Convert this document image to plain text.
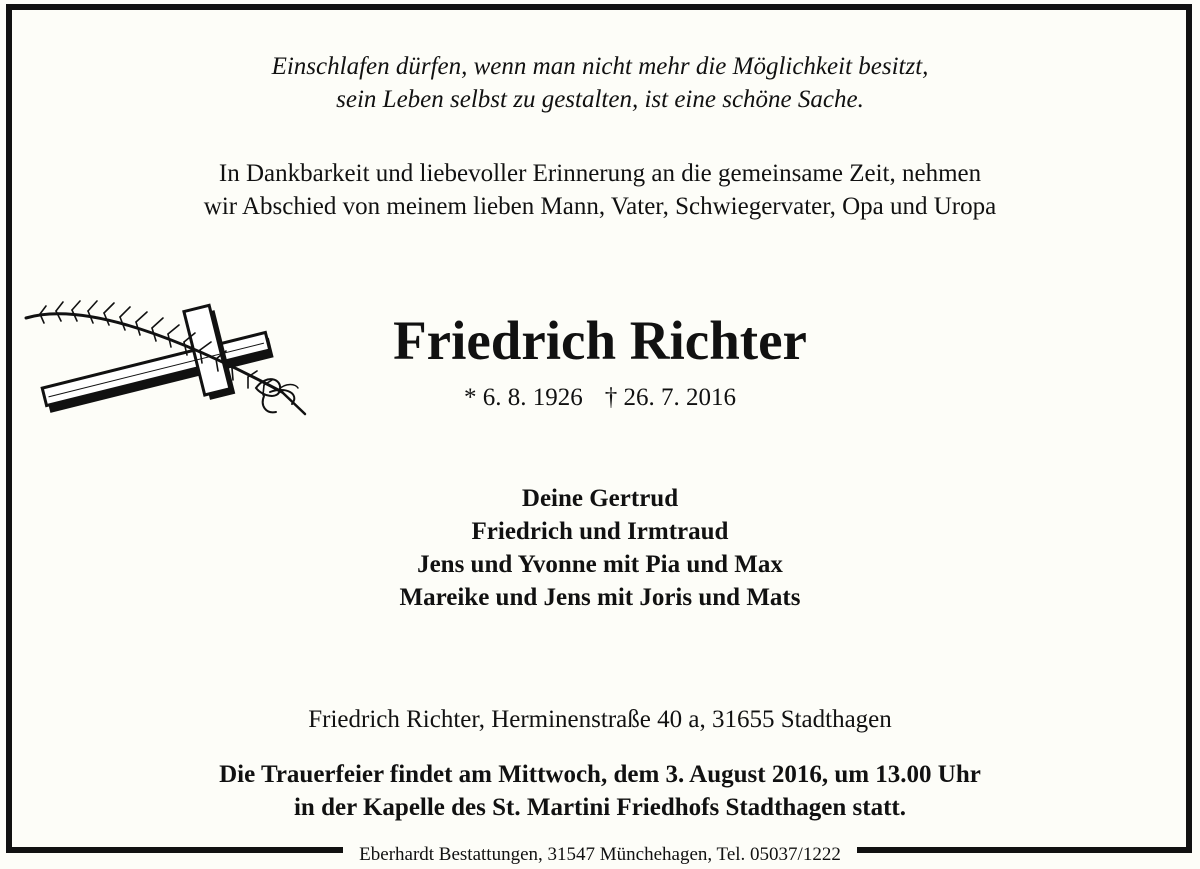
Einschlafen dürfen, wenn man nicht mehr die Möglichkeit besitzt,
sein Leben selbst zu gestalten, ist eine schöne Sache.
In Dankbarkeit und liebevoller Erinnerung an die gemeinsame Zeit, nehmen
wir Abschied von meinem lieben Mann, Vater, Schwiegervater, Opa und Uropa
Friedrich Richter
* 6. 8. 1926 † 26. 7. 2016
Deine Gertrud
Friedrich und Irmtraud
Jens und Yvonne mit Pia und Max
Mareike und Jens mit Joris und Mats
Friedrich Richter, Herminenstraße 40 a, 31655 Stadthagen
Die Trauerfeier findet am Mittwoch, dem 3. August 2016, um 13.00 Uhr
in der Kapelle des St. Martini Friedhofs Stadthagen statt.
Eberhardt Bestattungen, 31547 Münchehagen, Tel. 05037/1222
